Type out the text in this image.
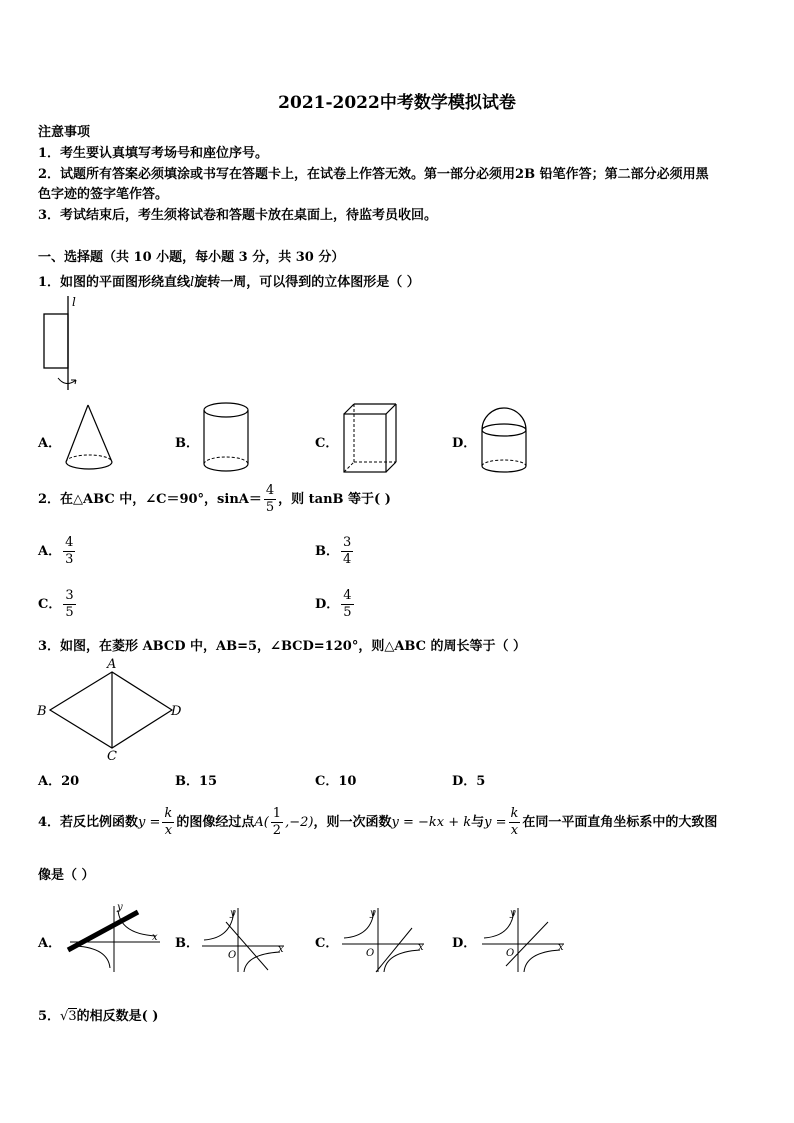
2021-2022中考数学模拟试卷
注意事项
1．考生要认真填写考场号和座位序号。
2．试题所有答案必须填涂或书写在答题卡上，在试卷上作答无效。第一部分必须用2B 铅笔作答；第二部分必须用黑
色字迹的签字笔作答。
3．考试结束后，考生须将试卷和答题卡放在桌面上，待监考员收回。
一、选择题（共 10 小题，每小题 3 分，共 30 分）
1．如图的平面图形绕直线l旋转一周，可以得到的立体图形是（ ）
l
A．	B．	C．	D．
2．在△ABC 中，∠C＝90°，$\sin A= \frac{4}{5}$ ，则 tanB 等于( )
A． $\frac{4}{3}$	B． $\frac{3}{4}$
C． $\frac{3}{5}$	D． $\frac{4}{5}$
3．如图，在菱形 ABCD 中，AB=5，∠BCD=120°，则△ABC 的周长等于（ ）
A
B
C
D
A．20	B．15	C．10	D．5
4．若反比例函数$y = \frac{k}{x}$ 的图像经过点$A( \frac{1}{2} ,-2)$，则一次函数y = −kx + k与$y = \frac{k}{x}$ 在同一平面直角坐标系中的大致图
像是（ ）
A．	x
y
B．	x
y
O
C．	x
y
O
D．	x
y
O
5．√3的相反数是( )
